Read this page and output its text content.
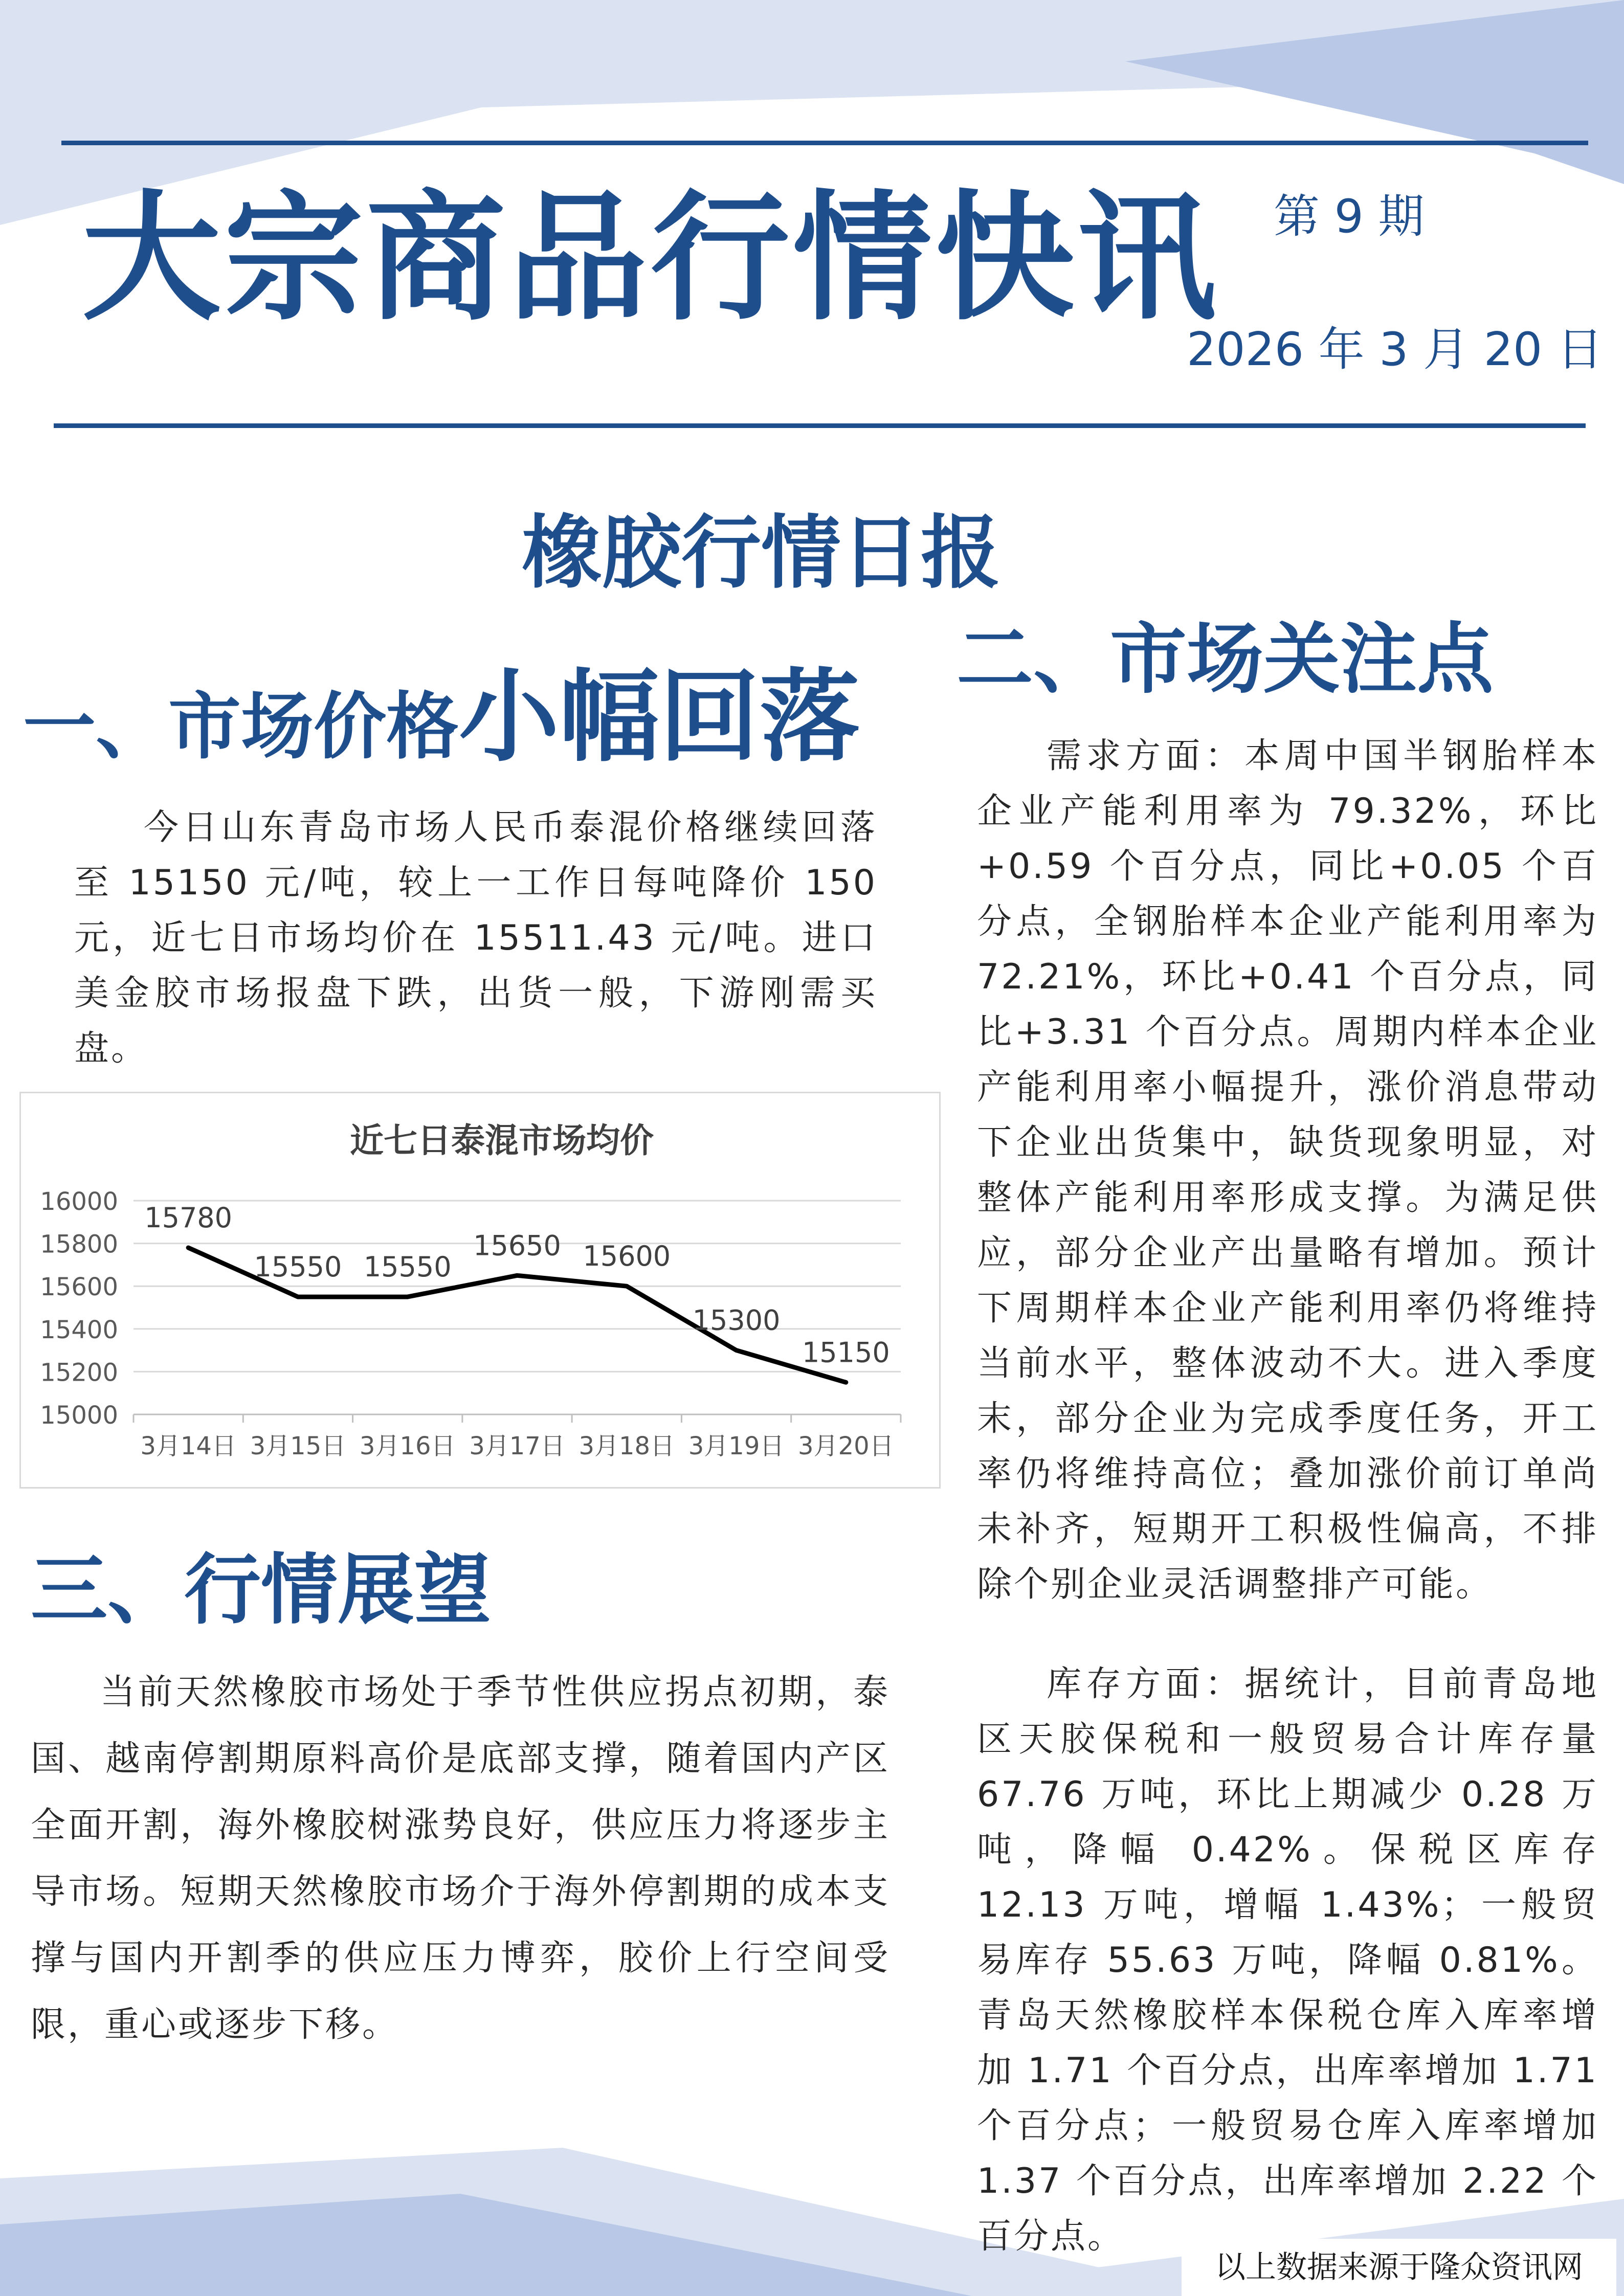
大宗商品行情快讯 第 9 期
2026 年 3 月 20 日
橡胶行情日报
一、市场价格小幅回落
今日山东青岛市场人民币泰混价格继续回落至 15150 元/吨，较上一工作日每吨降价 150 元，近七日市场均价在 15511.43 元/吨。进口美金胶市场报盘下跌，出货一般，下游刚需买盘。
近七日泰混市场均价
16000
15800
15600
15400
15200
15000
3月14日 3月15日 3月16日 3月17日 3月18日 3月19日 3月20日
15780
15550 15550
15650 15600
15300
15150
三、行情展望
当前天然橡胶市场处于季节性供应拐点初期，泰国、越南停割期原料高价是底部支撑，随着国内产区全面开割，海外橡胶树涨势良好，供应压力将逐步主导市场。短期天然橡胶市场介于海外停割期的成本支撑与国内开割季的供应压力博弈，胶价上行空间受限，重心或逐步下移。
二、市场关注点
需求方面：本周中国半钢胎样本企业产能利用率为 79.32%，环比+0.59 个百分点，同比+0.05 个百分点，全钢胎样本企业产能利用率为 72.21%，环比+0.41 个百分点，同比+3.31 个百分点。周期内样本企业产能利用率小幅提升，涨价消息带动下企业出货集中，缺货现象明显，对整体产能利用率形成支撑。为满足供应，部分企业产出量略有增加。预计下周期样本企业产能利用率仍将维持当前水平，整体波动不大。进入季度末，部分企业为完成季度任务，开工率仍将维持高位；叠加涨价前订单尚未补齐，短期开工积极性偏高，不排除个别企业灵活调整排产可能。
库存方面：据统计，目前青岛地区天胶保税和一般贸易合计库存量 67.76 万吨，环比上期减少 0.28 万吨，降幅 0.42%。保税区库存 12.13 万吨，增幅 1.43%；一般贸易库存 55.63 万吨，降幅 0.81%。青岛天然橡胶样本保税仓库入库率增加 1.71 个百分点，出库率增加 1.71 个百分点；一般贸易仓库入库率增加 1.37 个百分点，出库率增加 2.22 个百分点。
以上数据来源于隆众资讯网
